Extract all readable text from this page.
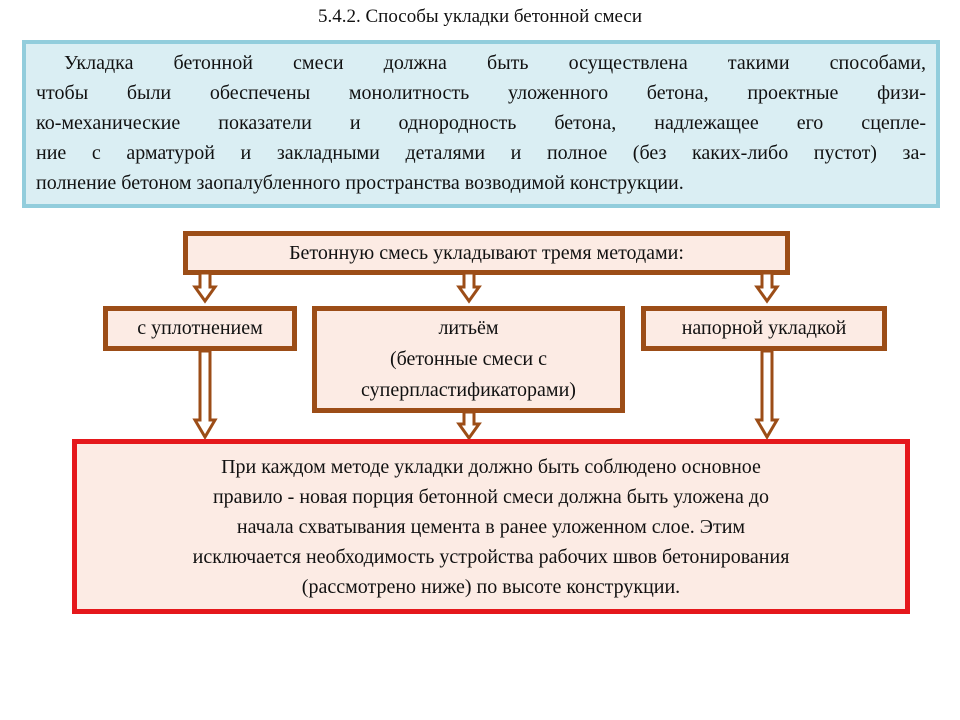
5.4.2. Способы укладки бетонной смеси
Укладка бетонной смеси должна быть осуществлена такими способами,
чтобы были обеспечены монолитность уложенного бетона, проектные физи-
ко-механические показатели и однородность бетона, надлежащее его сцепле-
ние с арматурой и закладными деталями и полное (без каких-либо пустот) за-
полнение бетоном заопалубленного пространства возводимой конструкции.
Бетонную смесь укладывают тремя методами:
с уплотнением	литьём
(бетонные смеси с
суперпластификаторами)
напорной укладкой
При каждом методе укладки должно быть соблюдено основное
правило - новая порция бетонной смеси должна быть уложена до
начала схватывания цемента в ранее уложенном слое. Этим
исключается необходимость устройства рабочих швов бетонирования
(рассмотрено ниже) по высоте конструкции.
